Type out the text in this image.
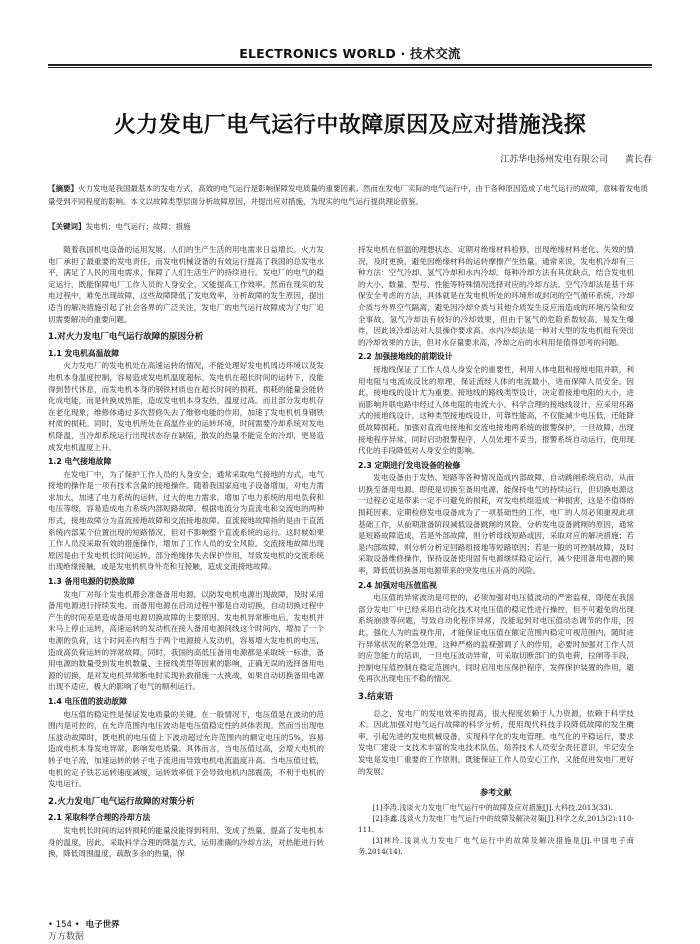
ELECTRONICS WORLD · 技术交流
火力发电厂电气运行中故障原因及应对措施浅探
江苏华电扬州发电有限公司 黄长春
【摘要】火力发电是我国最基本的发电方式，高效的电气运行是影响保障发电质量的重要因素。然而在发电厂实际的电气运行中，由于各种原因造成了电气运行的故障，意味着发电质量受到不同程度的影响。本文以故障类型层面分析故障原因，并提出应对措施，为现实的电气运行提供理论借鉴。
【关键词】发电机；电气运行；故障；措施

随着我国机电设备的运用发展，人们的生产生活的用电需求日益增长。火力发电厂承担了最重要的发电责任，而发电机械设备的有效运行提高了我国的总发电水平，满足了人民的用电需求，保障了人们生活生产的持续进行。发电厂的电气的稳定运行，既能保障电厂工作人员的人身安全，又能提高工作效率。然而在现实的发电过程中，难免出现故障，这些故障降低了发电效率，分析故障的发生原因，提出适当的解决措施引起了社会各界的广泛关注，发电厂的电气运行故障成为了电厂追切需要解决的重要问题。

1.对火力发电厂电气运行故障的原因分析
1.1 发电机高温故障

火力发电厂的发电机处在高速运转的情况，不能处理好发电机周边环境以及发电机本身温度控制，容易造成发电机温度超标。发电机在超长时间的运转下，没能得到替代休息，而发电机本身的钢铁材质也在超长时间的损耗，损耗的能量会能转化成电能，而是转换成热能，造成发电机本身发热，温度过高。而且部分发电机存在老化现象，维修体通过多次替修失去了维修电能的作用，加速了发电机机身钢铁材质的损耗。同时，发电机所处在高温作业的运转环境，时间需要冷却系统对发电机降温，当冷却系统运行出现状态存在缺陷，散发的热量不能完全的冷却，更易造成发电机温度上升。

1.2 电气接地故障

在发电厂中，为了保护工作人员的人身安全，通常采取电气接地的方式，电气接地的操作是一项有技术含量的接地操作。随着我国家庭电子设备增加，对电力需求加大，加速了电力系统的运转，过大的电力需求，增加了电力系统的用电负荷和电压等级，容易造成电力系统内部短路故障。根据电流分为直流电和交流电的两种形式，接地故障分为直流接地故障和交流接地故障。直流接地故障指的是由于直流系统内部某个位置出现的短路情况，但对不影响整个直流系统的运行。这时候如果工作人员没采取有效的措施操作，增加了工作人员的安全风险。交流接地故障出现原因是由于发电机长时间运转，部分绝缘体失去保护作用，导致发电机的交流系统出现绝缘接触，或是发电机机身外壳和互接触，造成交流接地故障。

1.3 备用电源的切换故障

发电厂对每个发电机都会准备备用电源，以防发电机电源出现故障，及时采用备用电源进行持续发电。而备用电源在启动过程中都是自动切换，自动切换过程中产生的时间差是造成备用电源切换故障的主要原因。发电机异常断电后，发电机并未马上停止运转，高速运转的发动机在接入备用电源间线这个时间内，增加了一个电源的负荷，这个时间差内相当于两个电源接入发动机，容易增大发电机的电压，造成高负荷运转的异常故障。同时，我国的高低压备用电源都是采取统一标准，备用电源的数量受到发电机数量、主接线类型等因素的影响，正确无误的选择备用电源的切换，是对发电机异常断电时实现补救措施一大挑战，如果自动切换备用电源出现不适应，极大的影响了电气的顺利运行。

1.4 电压值的波动故障

电压值的稳定性是保证发电质量的关键。在一般情况下，电压值是在波动的范围内是可控的，在允许范围内电压波动是电压值稳定性的具体表现。然而当出现电压波动故障时，既电机的电压值上下波动超过允许范围内的额定电压的5%，容易造成电机本身发电异常，影响发电质量。具体而言，当电压值过高，会增大电机的转子电子流，加速运转的转子电子流进而导致电机电流温度升高。当电压值过低，电机的定子铁芯运转速度减缓，运转效率低下会导致电机内部震荡，不利于电机的发电运行。

2.火力发电厂电气运行故障的对策分析
2.1 采取科学合理的冷却方法

发电机长时间的运转损耗的能量没能得到利用，变成了热量，提高了发电机本身的温度，因此，采取科学合理的降温方式，运用准确的冷却方法，对热能进行转换，降低周围温度，疏散多余的热量，保

持发电机在恒温的理想状态。定期对绝缘材料检修，出现绝缘材料老化、失效的情况，及时更换，避免因绝缘材料的运转摩擦产生热量。通常来说，发电机冷却有三种方法：空气冷却、氢气冷却和水内冷却。每种冷却方法有其优缺点，结合发电机的大小、数量、型号、性能等特殊情况选择对应的冷却方法。空气冷却法是基于环保安全考虑的方法，具体就是在发电机所处的环境形成封闭的空气循环系统，冷却介质与外界空气隔离，避免因冷却介质与其他介质发生反应而造成的环境污染和安全事故。氢气冷却法有较好的冷却效果，但由于氢气的危险系数较高，易发生爆炸，因此该冷却法对人员操作要求高。水内冷却法是一种对大型的发电机组有突出的冷却效果的方法，但对水存量要求高，冷却之后的水利用是值得思考的问题。

2.2 加强接地线的前期设计

接地线保证了工作人员人身安全的重要性，利用人体电阻和接地电阻并联，利用电阻与电流成反比的原理，保证流经人体的电流最小，进而保障人员安全。因此，接地线的设计尤为重要。接地线的路线类型设计，决定着接地电阻的大小，进而影响并联电路中经过人体电阻的电流大小。科学合理的接地线设计，应采用环路式的接地线设计，这种类型接地线设计，可靠性能高，不仅能减少电压低，还能降低故障损耗。加强对直流电接地和交流电接地两系统的报警保护，一旦故障，出现接地程序异常，同时启动报警程序，人员处理不妥当，报警系统自动运行，使用现代化的手段降低对人身安全的影响。

2.3 定期进行发电设备的检修

发电设备由于发热、短路等各种情况造成内部故障，自动跳闸系统启动，从而切换至备用电源。即使是切换至备用电源，能保持电气的持续运行，但切换电源这一过程必定是带来一定不可避免的损耗，对发电机组造成一种损害，这是不值得的损耗因素。定期检修发电设备成为了一项基础性的工作，电厂的人员必须重视此项基础工作，从前期准备阶段减低设备跳闸的风险。分析发电设备跳闸的原因，通常是短路故障造成，若是外部故障，则分析母线短路或因，采取对应的解决措施；若是内部故障，则分析分析定回路组接地等短路原因；若是一般的可控制故障，及时采取设备维修操作，保持设备使用固有电源继续稳定运行，减少使用备用电源的频率，降低低切换备用电源带来的突发电压升高的风险。

2.4 加强对电压值监视

电压值的异常波动是可控的，必须加强对电压值波动的严密监视，即使在我国部分发电厂中已经采用自动化技术对电压值的稳定性进行操控，但不可避免的出现系统崩溃等问题，导致自动化程序异常，没能起到对电压值动态调节的作用，因此，强化人为的监视作用，才能保证电压值在额定范围内稳定可视范围内，随时进行异常状况的紧急处理。这种严格的监视强调了人的作用，必要时加强对工作人员的应急能力的培训，一旦电压波动异常，可采取切断部门的负电荷，拉闸等手段，控制电压值控制在稳定范围内，同时启用电压保护程序，发挥保护装置的作用，避免再次出现电压不稳的情况。

3.结束语

总之，发电厂的发电效率的提高，很大程度依赖于人力资源，依赖于科学技术。因此加强对电气运行故障的科学分析，使用现代科技手段降低故障的发生概率，引起先进的发电机械设备，实现科学化的发电管理。电气化的平稳运行，要求发电厂建设一支技术丰富的发电技术队伍，培养技术人员安全责任意识，牢记安全发电是发电厂重要的工作原则，既能保证工作人员安心工作，又能促进发电厂更好的发展。

参考文献

[1]李涛.浅谈火力发电厂电气运行中的故障及应对措施[J].大科技,2013(33).

[2]李鑫.浅谈火力发电厂电气运行中的故障及解决对策[J].科学之友,2013(2):110-111.

[3]林玲.浅谈火力发电厂电气运行中的故障及解决措施是[J].中国电子商务,2014(14).

• 154 • 电子世界
万方数据
